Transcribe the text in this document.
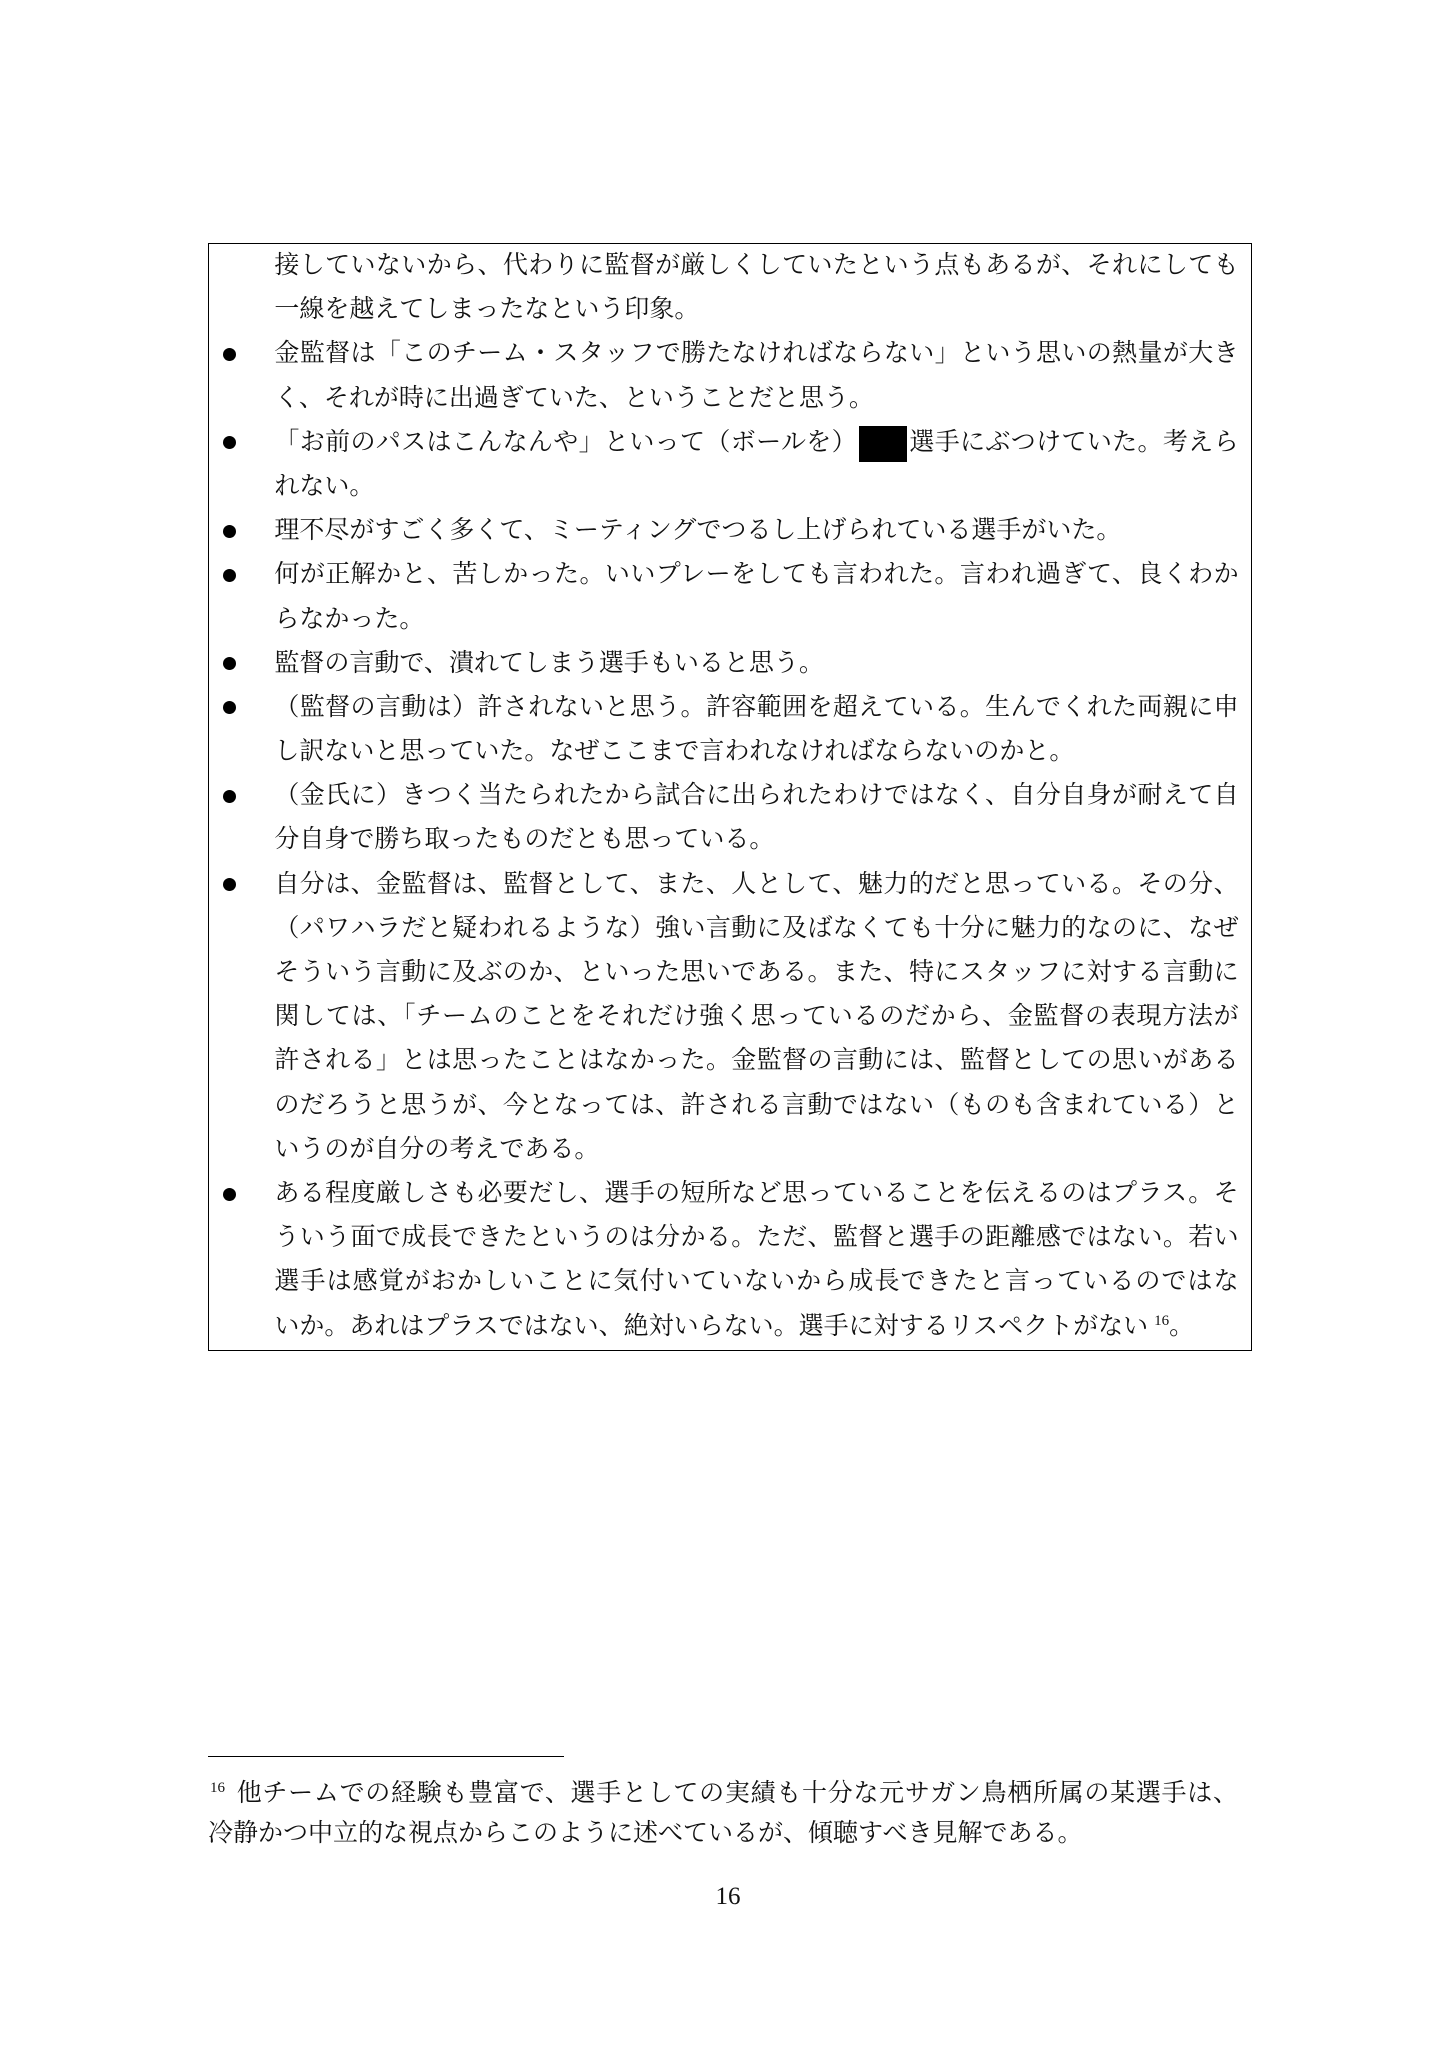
接していないから、代わりに監督が厳しくしていたという点もあるが、それにしても
一線を越えてしまったなという印象。
金監督は「このチーム・スタッフで勝たなければならない」という思いの熱量が大き
く、それが時に出過ぎていた、ということだと思う。
「お前のパスはこんなんや」といって（ボールを） 選手にぶつけていた。考えら
れない。
理不尽がすごく多くて、ミーティングでつるし上げられている選手がいた。
何が正解かと、苦しかった。いいプレーをしても言われた。言われ過ぎて、良くわか
らなかった。
監督の言動で、潰れてしまう選手もいると思う。
（監督の言動は）許されないと思う。許容範囲を超えている。生んでくれた両親に申
し訳ないと思っていた。なぜここまで言われなければならないのかと。
（金氏に）きつく当たられたから試合に出られたわけではなく、自分自身が耐えて自
分自身で勝ち取ったものだとも思っている。
自分は、金監督は、監督として、また、人として、魅力的だと思っている。その分、
（パワハラだと疑われるような）強い言動に及ばなくても十分に魅力的なのに、なぜ
そういう言動に及ぶのか、といった思いである。また、特にスタッフに対する言動に
関しては、「チームのことをそれだけ強く思っているのだから、金監督の表現方法が
許される」とは思ったことはなかった。金監督の言動には、監督としての思いがある
のだろうと思うが、今となっては、許される言動ではない（ものも含まれている）と
いうのが自分の考えである。
ある程度厳しさも必要だし、選手の短所など思っていることを伝えるのはプラス。そ
ういう面で成長できたというのは分かる。ただ、監督と選手の距離感ではない。若い
選手は感覚がおかしいことに気付いていないから成長できたと言っているのではな
いか。あれはプラスではない、絶対いらない。選手に対するリスペクトがない $^{16}$。
$^{16}$ 他チームでの経験も豊富で、選手としての実績も十分な元サガン鳥栖所属の某選手は、
冷静かつ中立的な視点からこのように述べているが、傾聴すべき見解である。
16
